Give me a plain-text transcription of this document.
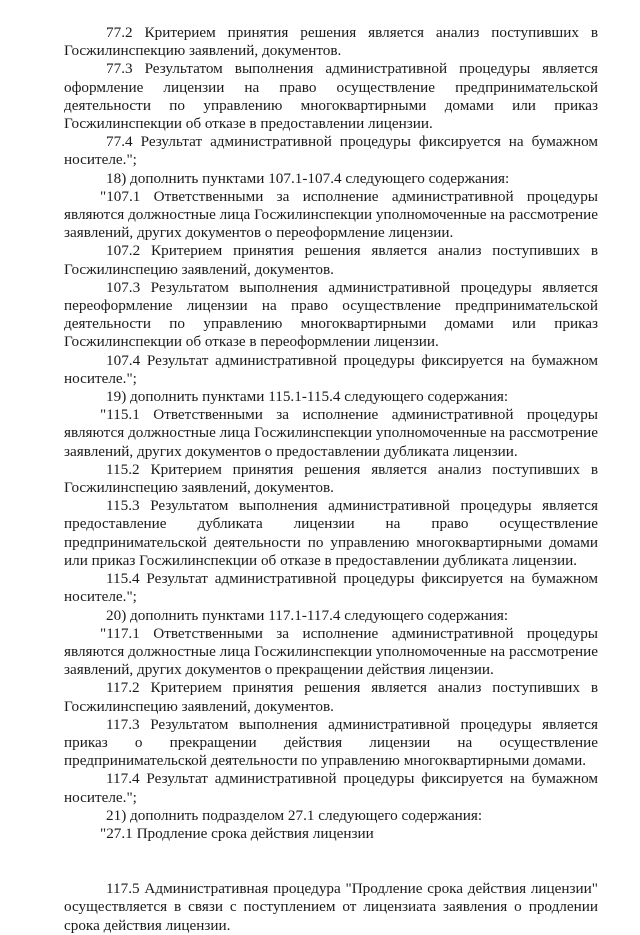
77.2 Критерием принятия решения является анализ поступивших в Госжилинспекцию заявлений, документов.

77.3 Результатом выполнения административной процедуры является оформление лицензии на право осуществление предпринимательской деятельности по управлению многоквартирными домами или приказ Госжилинспекции об отказе в предоставлении лицензии.

77.4 Результат административной процедуры фиксируется на бумажном носителе.";

18) дополнить пунктами 107.1-107.4 следующего содержания:

"107.1 Ответственными за исполнение административной процедуры являются должностные лица Госжилинспекции уполномоченные на рассмотрение заявлений, других документов о переоформление лицензии.

107.2 Критерием принятия решения является анализ поступивших в Госжилинспецию заявлений, документов.

107.3 Результатом выполнения административной процедуры является переоформление лицензии на право осуществление предпринимательской деятельности по управлению многоквартирными домами или приказ Госжилинспекции об отказе в переоформлении лицензии.

107.4 Результат административной процедуры фиксируется на бумажном носителе.";

19) дополнить пунктами 115.1-115.4 следующего содержания:

"115.1 Ответственными за исполнение административной процедуры являются должностные лица Госжилинспекции уполномоченные на рассмотрение заявлений, других документов о предоставлении дубликата лицензии.

115.2 Критерием принятия решения является анализ поступивших в Госжилинспецию заявлений, документов.

115.3 Результатом выполнения административной процедуры является предоставление дубликата лицензии на право осуществление предпринимательской деятельности по управлению многоквартирными домами или приказ Госжилинспекции об отказе в предоставлении дубликата лицензии.

115.4 Результат административной процедуры фиксируется на бумажном носителе.";

20) дополнить пунктами 117.1-117.4 следующего содержания:

"117.1 Ответственными за исполнение административной процедуры являются должностные лица Госжилинспекции уполномоченные на рассмотрение заявлений, других документов о прекращении действия лицензии.

117.2 Критерием принятия решения является анализ поступивших в Госжилинспецию заявлений, документов.

117.3 Результатом выполнения административной процедуры является приказ о прекращении действия лицензии на осуществление предпринимательской деятельности по управлению многоквартирными домами.

117.4 Результат административной процедуры фиксируется на бумажном носителе.";

21) дополнить подразделом 27.1 следующего содержания:

"27.1 Продление срока действия лицензии

117.5 Административная процедура "Продление срока действия лицензии" осуществляется в связи с поступлением от лицензиата заявления о продлении срока действия лицензии.
